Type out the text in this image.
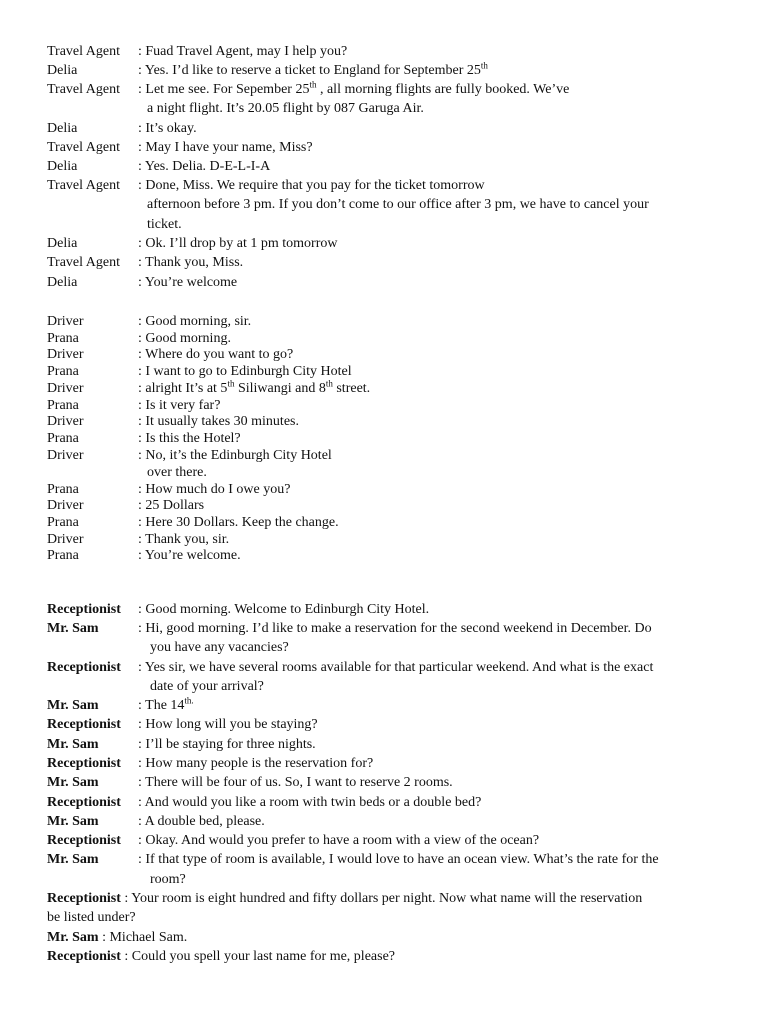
Travel Agent : Fuad Travel Agent, may I help you?
Delia	: Yes. I’d like to reserve a ticket to England for September 25th
Travel Agent : Let me see. For Sepember 25th , all morning flights are fully booked. We’ve
a night flight. It’s 20.05 flight by 087 Garuga Air.
Delia	: It’s okay.
Travel Agent : May I have your name, Miss?
Delia	: Yes. Delia. D-E-L-I-A
Travel Agent : Done, Miss. We require that you pay for the ticket tomorrow
afternoon before 3 pm. If you don’t come to our office after 3 pm, we have to cancel your
ticket.
Delia	: Ok. I’ll drop by at 1 pm tomorrow
Travel Agent : Thank you, Miss.
Delia	: You’re welcome
Driver	: Good morning, sir.
Prana	: Good morning.
Driver	: Where do you want to go?
Prana	: I want to go to Edinburgh City Hotel
Driver	: alright It’s at 5th Siliwangi and 8th street.
Prana	: Is it very far?
Driver	: It usually takes 30 minutes.
Prana	: Is this the Hotel?
Driver	: No, it’s the Edinburgh City Hotel
over there.
Prana	: How much do I owe you?
Driver	: 25 Dollars
Prana	: Here 30 Dollars. Keep the change.
Driver	: Thank you, sir.
Prana	: You’re welcome.
Receptionist : Good morning. Welcome to Edinburgh City Hotel.
Mr. Sam	: Hi, good morning. I’d like to make a reservation for the second weekend in December. Do
you have any vacancies?
Receptionist : Yes sir, we have several rooms available for that particular weekend. And what is the exact
date of your arrival?
Mr. Sam	: The $14^{th.}$
Receptionist : How long will you be staying?
Mr. Sam	: I’ll be staying for three nights.
Receptionist : How many people is the reservation for?
Mr. Sam	: There will be four of us. So, I want to reserve 2 rooms.
Receptionist : And would you like a room with twin beds or a double bed?
Mr. Sam	: A double bed, please.
Receptionist : Okay. And would you prefer to have a room with a view of the ocean?
Mr. Sam	: If that type of room is available, I would love to have an ocean view. What’s the rate for the
room?
Receptionist : Your room is eight hundred and fifty dollars per night. Now what name will the reservation
be listed under?
Mr. Sam : Michael Sam.
Receptionist : Could you spell your last name for me, please?
